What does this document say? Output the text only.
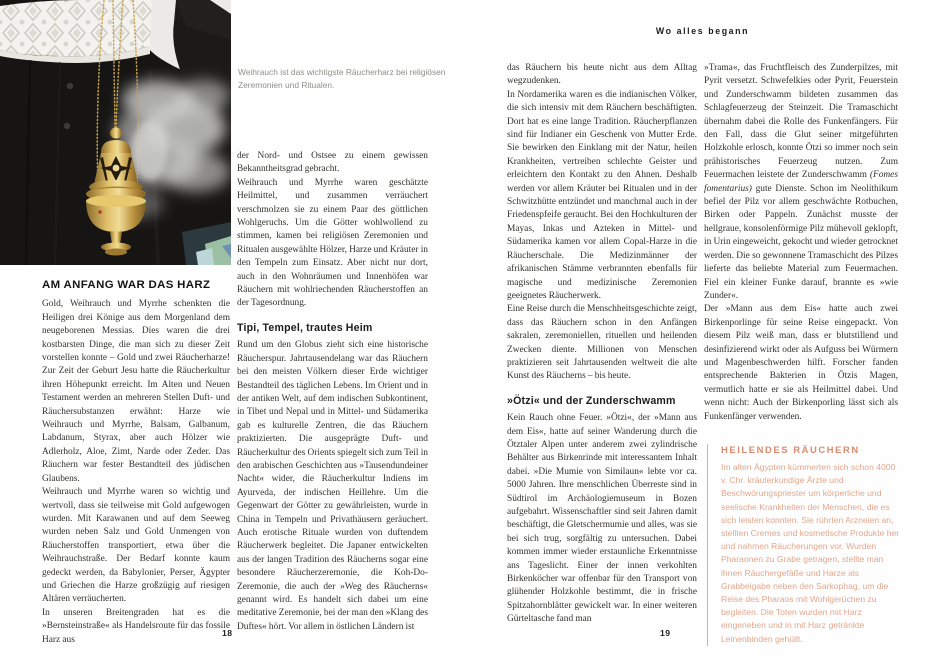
Weihrauch ist das wichtigste Räucherharz bei religiösen Zeremonien und Ritualen.
Wo alles begann
18	19
AM ANFANG WAR DAS HARZ

Gold, Weihrauch und Myrrhe schenkten die Heiligen drei Könige aus dem Morgenland dem neugeborenen Messias. Dies waren die drei kostbarsten Dinge, die man sich zu dieser Zeit vorstellen konnte – Gold und zwei Räucherharze! Zur Zeit der Geburt Jesu hatte die Räucherkultur ihren Höhepunkt erreicht. Im Alten und Neuen Testament werden an mehreren Stellen Duft- und Räuchersubstanzen erwähnt: Harze wie Weihrauch und Myrrhe, Balsam, Galbanum, Labdanum, Styrax, aber auch Hölzer wie Adlerholz, Aloe, Zimt, Narde oder Zeder. Das Räuchern war fester Bestandteil des jüdischen Glaubens.

Weihrauch und Myrrhe waren so wichtig und wertvoll, dass sie teilweise mit Gold aufgewogen wurden. Mit Karawanen und auf dem Seeweg wurden neben Salz und Gold Unmengen von Räucherstoffen transportiert, etwa über die Weihrauchstraße. Der Bedarf konnte kaum gedeckt werden, da Babylonier, Perser, Ägypter und Griechen die Harze großzügig auf riesigen Altären verräucherten.

In unseren Breitengraden hat es die »Bernsteinstraße« als Handelsroute für das fossile Harz aus

der Nord- und Ostsee zu einem gewissen Bekanntheitsgrad gebracht.

Weihrauch und Myrrhe waren geschätzte Heilmittel, und zusammen verräuchert verschmolzen sie zu einem Paar des göttlichen Wohlgeruchs. Um die Götter wohlwollend zu stimmen, kamen bei religiösen Zeremonien und Ritualen ausgewählte Hölzer, Harze und Kräuter in den Tempeln zum Einsatz. Aber nicht nur dort, auch in den Wohnräumen und Innenhöfen war Räuchern mit wohlriechenden Räucherstoffen an der Tagesordnung.

Tipi, Tempel, trautes Heim

Rund um den Globus zieht sich eine historische Räucherspur. Jahrtausendelang war das Räuchern bei den meisten Völkern dieser Erde wichtiger Bestandteil des täglichen Lebens. Im Orient und in der antiken Welt, auf dem indischen Subkontinent, in Tibet und Nepal und in Mittel- und Südamerika gab es kulturelle Zentren, die das Räuchern praktizierten. Die ausgeprägte Duft- und Räucherkultur des Orients spiegelt sich zum Teil in den arabischen Geschichten aus »Tausendundeiner Nacht« wider, die Räucherkultur Indiens im Ayurveda, der indischen Heillehre. Um die Gegenwart der Götter zu gewährleisten, wurde in China in Tempeln und Privathäusern geräuchert. Auch erotische Rituale wurden von duftendem Räucherwerk begleitet. Die Japaner entwickelten aus der langen Tradition des Räucherns sogar eine besondere Räucherzeremonie, die Koh-Do-Zeremonie, die auch der »Weg des Räucherns« genannt wird. Es handelt sich dabei um eine meditative Zeremonie, bei der man den »Klang des Duftes« hört. Vor allem in östlichen Ländern ist

das Räuchern bis heute nicht aus dem Alltag wegzudenken.

In Nordamerika waren es die indianischen Völker, die sich intensiv mit dem Räuchern beschäftigten. Dort hat es eine lange Tradition. Räucherpflanzen sind für Indianer ein Geschenk von Mutter Erde. Sie bewirken den Einklang mit der Natur, heilen Krankheiten, vertreiben schlechte Geister und erleichtern den Kontakt zu den Ahnen. Deshalb werden vor allem Kräuter bei Ritualen und in der Schwitzhütte entzündet und manchmal auch in der Friedenspfeife geraucht. Bei den Hochkulturen der Mayas, Inkas und Azteken in Mittel- und Südamerika kamen vor allem Copal-Harze in die Räucherschale. Die Medizinmänner der afrikanischen Stämme verbrannten ebenfalls für magische und medizinische Zeremonien geeignetes Räucherwerk.

Eine Reise durch die Menschheitsgeschichte zeigt, dass das Räuchern schon in den Anfängen sakralen, zeremoniellen, rituellen und heilenden Zwecken diente. Millionen von Menschen praktizieren seit Jahrtausenden weltweit die alte Kunst des Räucherns – bis heute.

»Ötzi« und der Zunderschwamm

Kein Rauch ohne Feuer. »Ötzi«, der »Mann aus dem Eis«, hatte auf seiner Wanderung durch die Ötztaler Alpen unter anderem zwei zylindrische Behälter aus Birkenrinde mit interessantem Inhalt dabei. »Die Mumie von Similaun« lebte vor ca. 5000 Jahren. Ihre menschlichen Überreste sind in Südtirol im Archäologiemuseum in Bozen aufgebahrt. Wissenschaftler sind seit Jahren damit beschäftigt, die Gletschermumie und alles, was sie bei sich trug, sorgfältig zu untersuchen. Dabei kommen immer wieder erstaunliche Erkenntnisse ans Tageslicht. Einer der innen verkohlten Birkenköcher war offenbar für den Transport von glühender Holzkohle bestimmt, die in frische Spitzahornblätter gewickelt war. In einer weiteren Gürteltasche fand man

»Trama«, das Fruchtfleisch des Zunderpilzes, mit Pyrit versetzt. Schwefelkies oder Pyrit, Feuerstein und Zunderschwamm bildeten zusammen das Schlagfeuerzeug der Steinzeit. Die Tramaschicht übernahm dabei die Rolle des Funkenfängers. Für den Fall, dass die Glut seiner mitgeführten Holzkohle erlosch, konnte Ötzi so immer noch sein prähistorisches Feuerzeug nutzen. Zum Feuermachen leistete der Zunderschwamm (Fomes fomentarius) gute Dienste. Schon im Neolithikum befiel der Pilz vor allem geschwächte Rotbuchen, Birken oder Pappeln. Zunächst musste der hellgraue, konsolenförmige Pilz mühevoll geklopft, in Urin eingeweicht, gekocht und wieder getrocknet werden. Die so gewonnene Tramaschicht des Pilzes lieferte das beliebte Material zum Feuermachen. Fiel ein kleiner Funke darauf, brannte es »wie Zunder«.

Der »Mann aus dem Eis« hatte auch zwei Birkenporlinge für seine Reise eingepackt. Von diesem Pilz weiß man, dass er blutstillend und desinfizierend wirkt oder als Aufguss bei Würmern und Magenbeschwerden hilft. Forscher fanden entsprechende Bakterien in Ötzis Magen, vermutlich hatte er sie als Heilmittel dabei. Und wenn nicht: Auch der Birkenporling lässt sich als Funkenfänger verwenden.

HEILENDES RÄUCHERN

Im alten Ägypten kümmerten sich schon 4000 v. Chr. kräuterkundige Ärzte und Beschwörungspriester um körperliche und seelische Krankheiten der Menschen, die es sich leisten konnten. Sie rührten Arzneien an, stellten Cremes und kosmetische Produkte her und nahmen Räucherungen vor. Wurden Pharaonen zu Grabe getragen, stellte man ihnen Räuchergefäße und Harze als Grabbeigabe neben den Sarkophag, um die Reise des Pharaos mit Wohlgerüchen zu begleiten. Die Toten wurden mit Harz eingerieben und in mit Harz getränkte Leinenbinden gehüllt.
